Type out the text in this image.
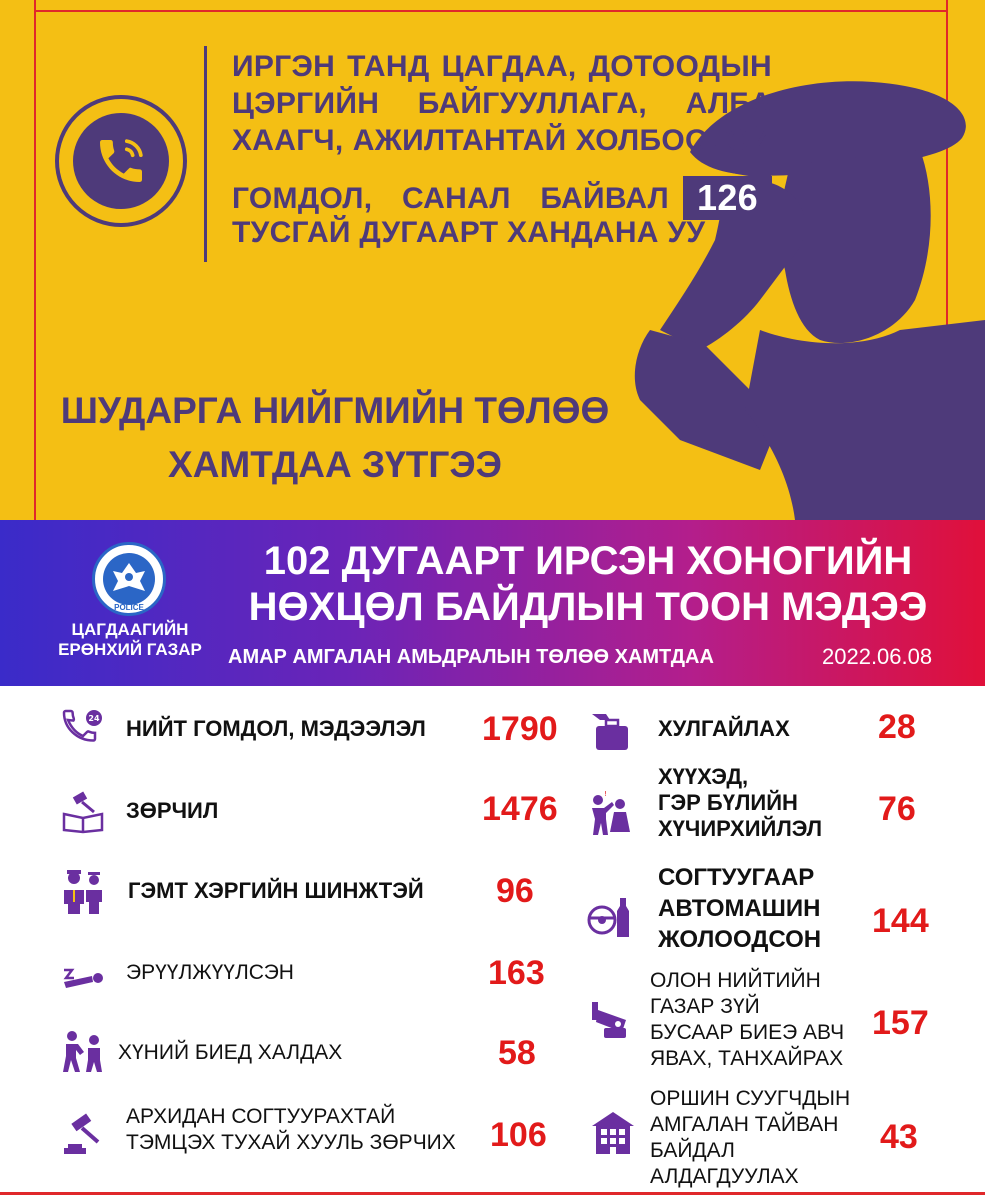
ИРГЭН ТАНД ЦАГДАА, ДОТООДЫН ЦЭРГИЙН БАЙГУУЛЛАГА, АЛБА ХААГЧ, АЖИЛТАНТАЙ ХОЛБООТОЙ
ГОМДОЛ, САНАЛ БАЙВАЛ 126
ТУСГАЙ ДУГААРТ ХАНДАНА УУ
ШУДАРГА НИЙГМИЙН ТӨЛӨӨ
ХАМТДАА ЗҮТГЭЭ
POLICE
ЦАГДААГИЙН
ЕРӨНХИЙ ГАЗАР
102 ДУГААРТ ИРСЭН ХОНОГИЙН
НӨХЦӨЛ БАЙДЛЫН ТООН МЭДЭЭ
АМАР АМГАЛАН АМЬДРАЛЫН ТӨЛӨӨ ХАМТДАА	2022.06.08
24 НИЙТ ГОМДОЛ, МЭДЭЭЛЭЛ 1790
ЗӨРЧИЛ	1476
ГЭМТ ХЭРГИЙН ШИНЖТЭЙ 96
ЭРҮҮЛЖҮҮЛСЭН	163
ХҮНИЙ БИЕД ХАЛДАХ	58
АРХИДАН СОГТУУРАХТАЙ
ТЭМЦЭХ ТУХАЙ ХУУЛЬ ЗӨРЧИХ 106
ХУЛГАЙЛАХ	28
!
ХҮҮХЭД,
ГЭР БҮЛИЙН
ХҮЧИРХИЙЛЭЛ
76
СОГТУУГААР
АВТОМАШИН
ЖОЛООДСОН 144
ОЛОН НИЙТИЙН
ГАЗАР ЗҮЙ
БУСААР БИЕЭ АВЧ
ЯВАХ, ТАНХАЙРАХ
157
ОРШИН СУУГЧДЫН
АМГАЛАН ТАЙВАН
БАЙДАЛ
АЛДАГДУУЛАХ
43
